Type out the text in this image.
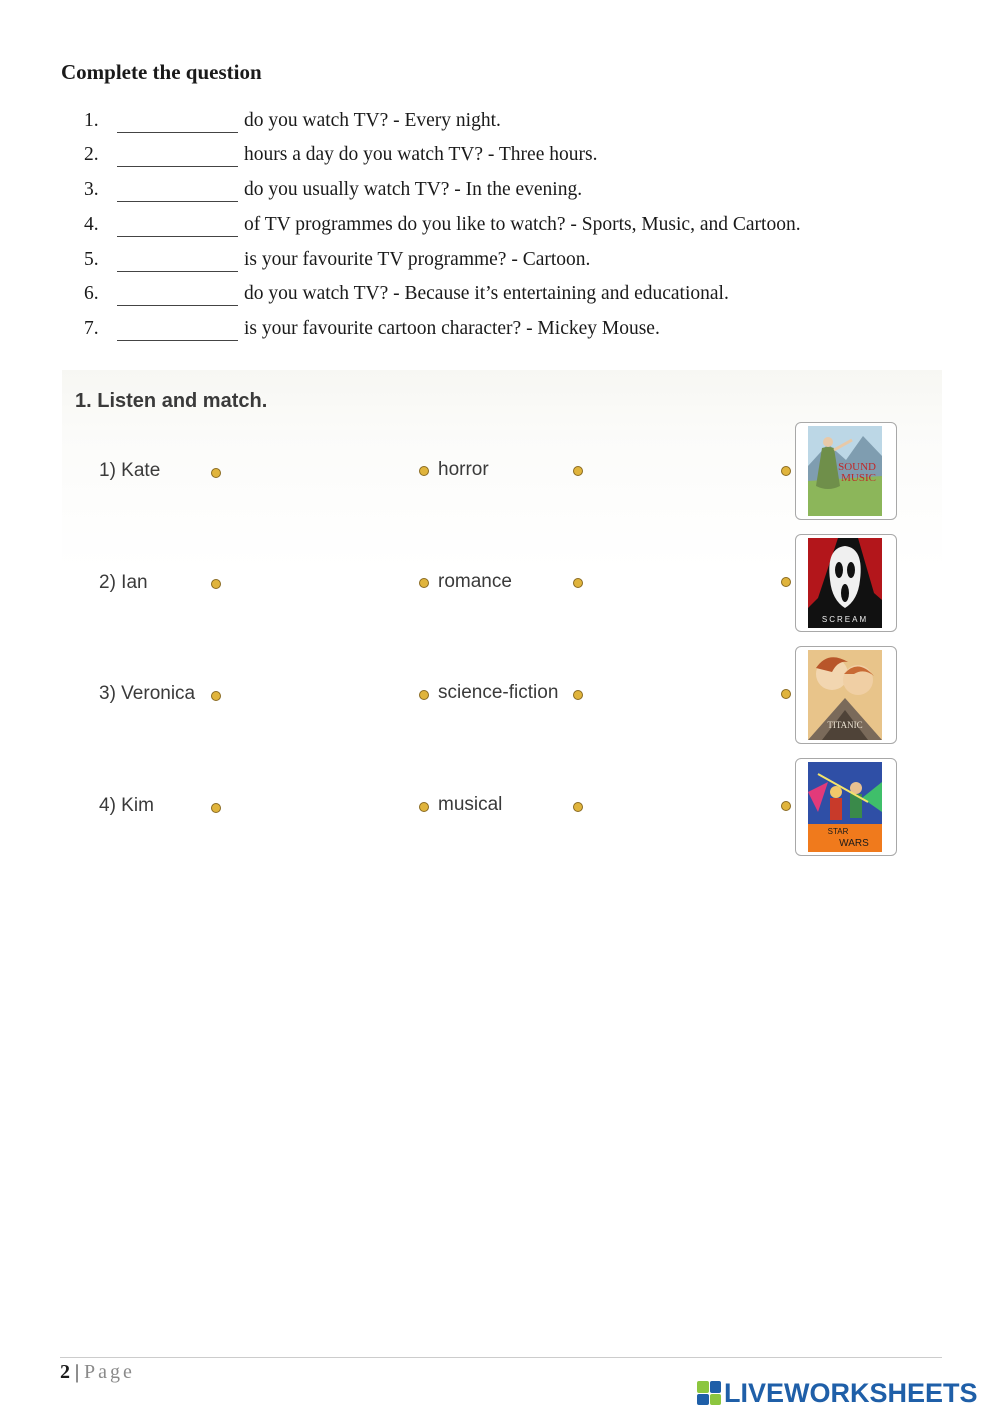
Complete the question
1.	do you watch TV? - Every night.
2.	hours a day do you watch TV? - Three hours.
3.	do you usually watch TV? - In the evening.
4.	of TV programmes do you like to watch? - Sports, Music, and Cartoon.
5.	is your favourite TV programme? - Cartoon.
6.	do you watch TV? - Because it’s entertaining and educational.
7.	is your favourite cartoon character? - Mickey Mouse.
1. Listen and match.
1) Kate	horror	SOUND
MUSIC
2) Ian	romance
SCREAM
3) Veronica	science-fiction
TITANIC
4) Kim	musical
STAR
WARS
2 | Page
LIVEWORKSHEETS
